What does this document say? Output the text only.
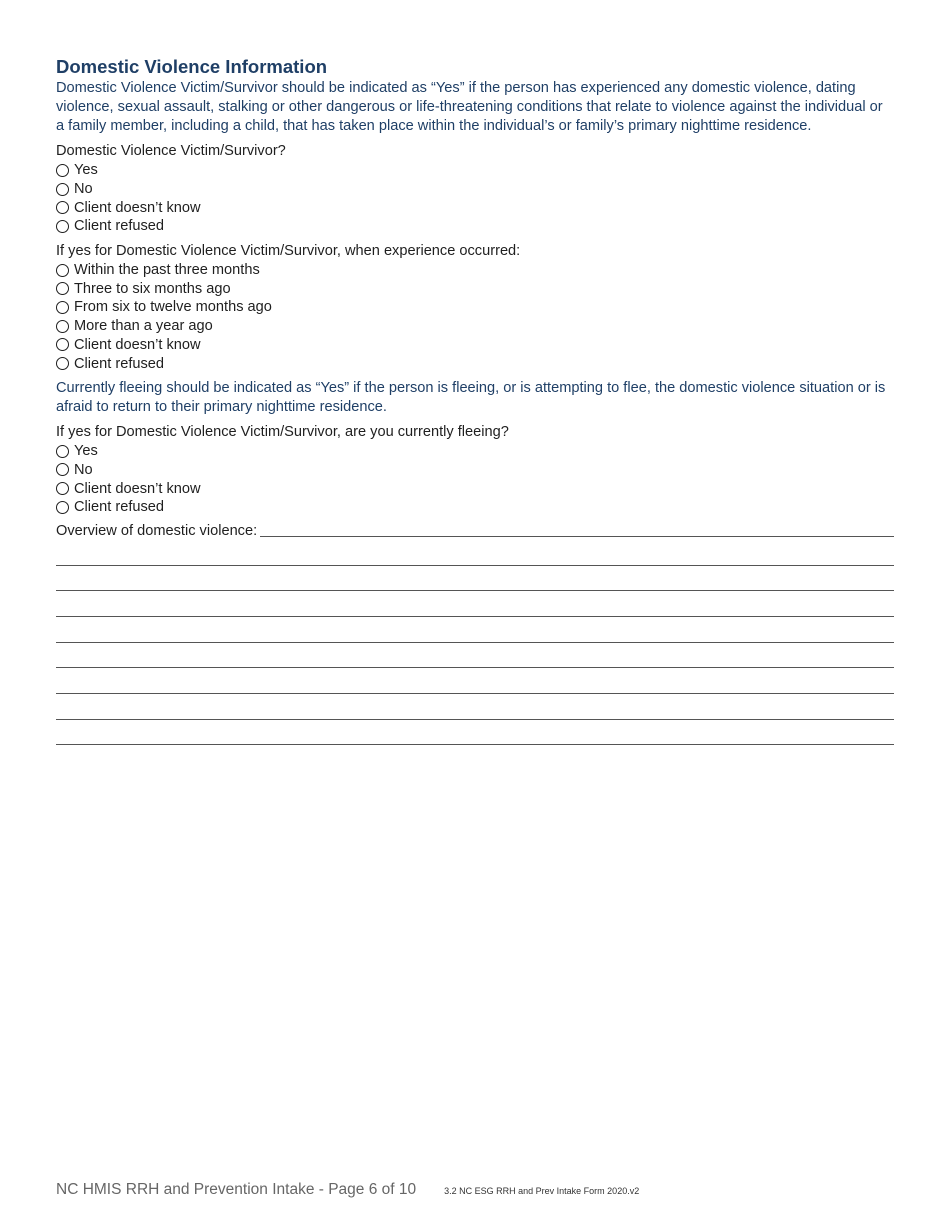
Domestic Violence Information

Domestic Violence Victim/Survivor should be indicated as “Yes” if the person has experienced any domestic violence, dating violence, sexual assault, stalking or other dangerous or life-threatening conditions that relate to violence against the individual or a family member, including a child, that has taken place within the individual’s or family’s primary nighttime residence.

Domestic Violence Victim/Survivor?

Yes
No
Client doesn’t know
Client refused

If yes for Domestic Violence Victim/Survivor, when experience occurred:

Within the past three months
Three to six months ago
From six to twelve months ago
More than a year ago
Client doesn’t know
Client refused

Currently fleeing should be indicated as “Yes” if the person is fleeing, or is attempting to flee, the domestic violence situation or is afraid to return to their primary nighttime residence.

If yes for Domestic Violence Victim/Survivor, are you currently fleeing?

Yes
No
Client doesn’t know
Client refused
Overview of domestic violence:
NC HMIS RRH and Prevention Intake - Page 6 of 10	3.2 NC ESG RRH and Prev Intake Form 2020.v2
